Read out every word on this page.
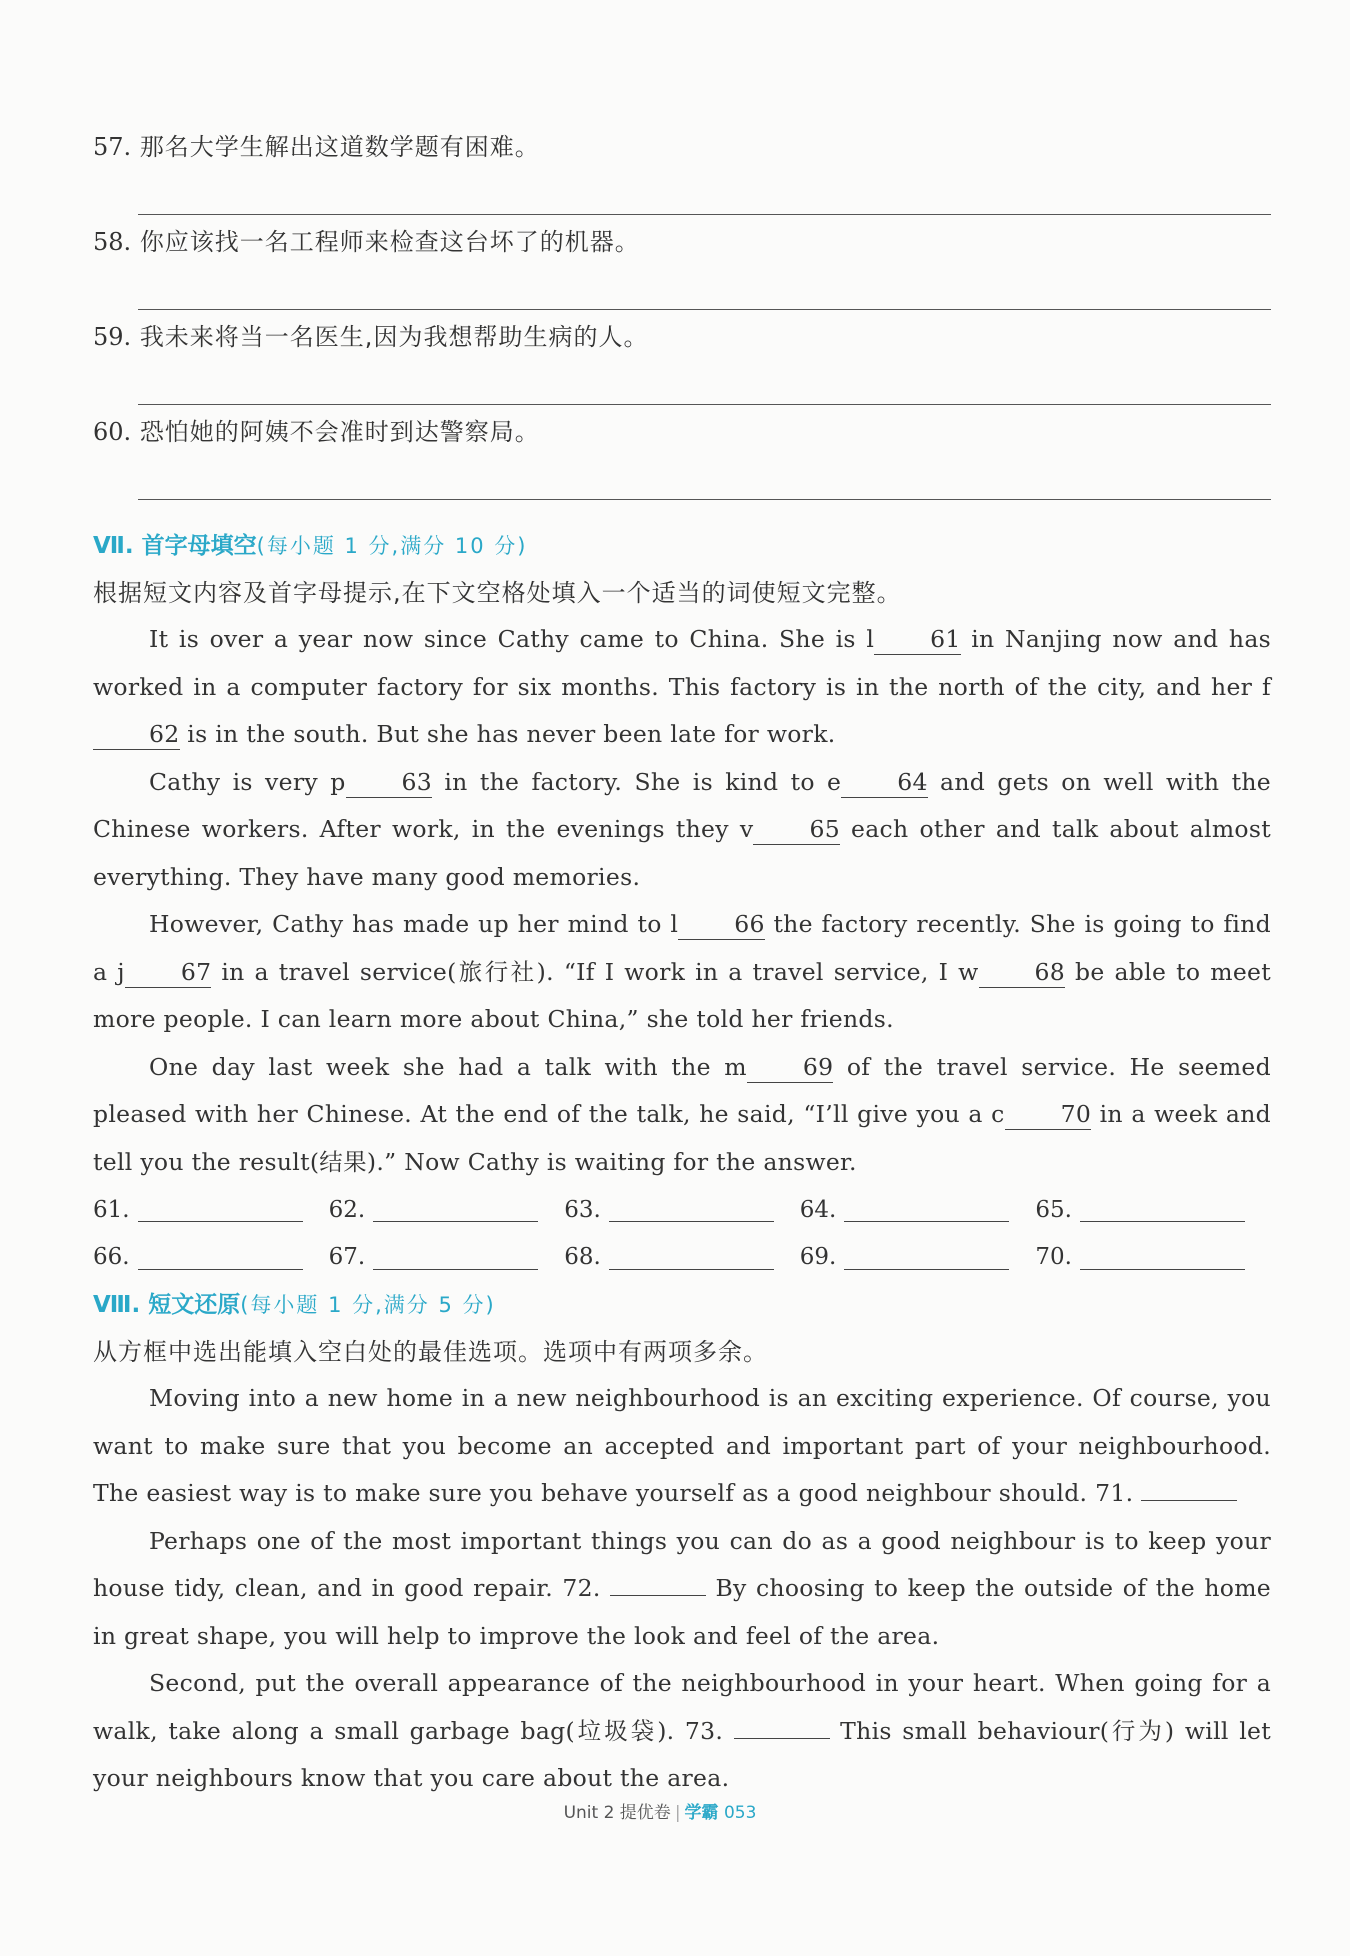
57. 那名大学生解出这道数学题有困难。
58. 你应该找一名工程师来检查这台坏了的机器。
59. 我未来将当一名医生,因为我想帮助生病的人。
60. 恐怕她的阿姨不会准时到达警察局。
Ⅶ. 首字母填空(每小题 1 分,满分 10 分)
根据短文内容及首字母提示,在下文空格处填入一个适当的词使短文完整。

It is over a year now since Cathy came to China. She is l 61 in Nanjing now and has worked in a computer factory for six months. This factory is in the north of the city, and her f62 is in the south. But she has never been late for work.

Cathy is very p 63 in the factory. She is kind to e 64 and gets on well with the Chinese workers. After work, in the evenings they v 65 each other and talk about almost everything. They have many good memories.

However, Cathy has made up her mind to l 66 the factory recently. She is going to find a j 67 in a travel service(旅行社). “If I work in a travel service, I w 68 be able to meet more people. I can learn more about China,” she told her friends.

One day last week she had a talk with the m 69 of the travel service. He seemed pleased with her Chinese. At the end of the talk, he said, “I’ll give you a c 70 in a week and tell you the result(结果).” Now Cathy is waiting for the answer.

61.	62.	63.	64.	65.
66.	67.	68.	69.	70.
Ⅷ. 短文还原(每小题 1 分,满分 5 分)
从方框中选出能填入空白处的最佳选项。选项中有两项多余。

Moving into a new home in a new neighbourhood is an exciting experience. Of course, you want to make sure that you become an accepted and important part of your neighbourhood. The easiest way is to make sure you behave yourself as a good neighbour should. 71.

Perhaps one of the most important things you can do as a good neighbour is to keep your house tidy, clean, and in good repair. 72.	By choosing to keep the outside of the home in great shape, you will help to improve the look and feel of the area.

Second, put the overall appearance of the neighbourhood in your heart. When going for a walk, take along a small garbage bag(垃圾袋). 73.	This small behaviour(行为) will let your neighbours know that you care about the area.

Unit 2 提优卷 | 学霸 053
